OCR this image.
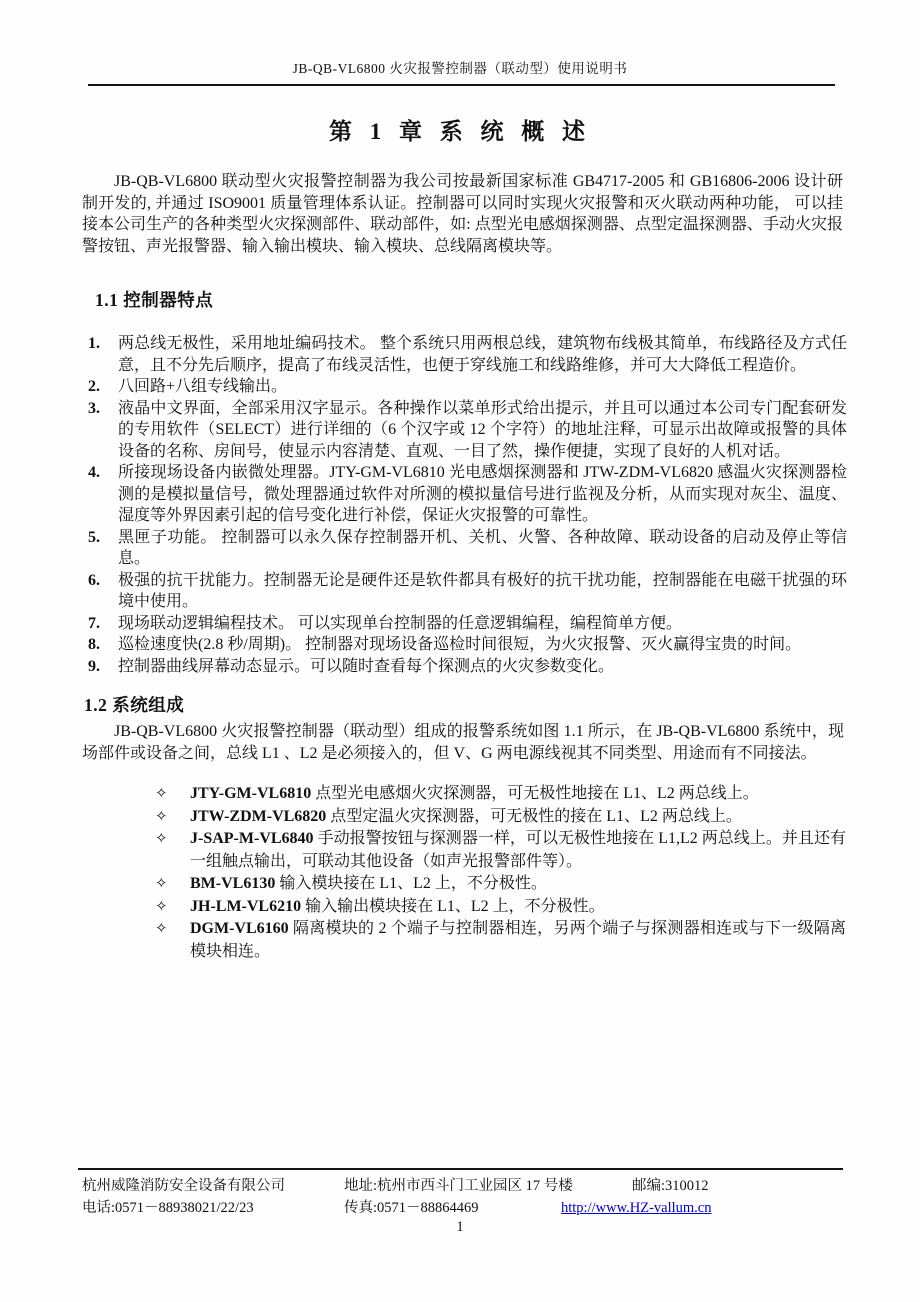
JB-QB-VL6800 火灾报警控制器（联动型）使用说明书
第 1 章 系 统 概 述

JB-QB-VL6800 联动型火灾报警控制器为我公司按最新国家标准 GB4717-2005 和 GB16806-2006 设计研制开发的, 并通过 ISO9001 质量管理体系认证。控制器可以同时实现火灾报警和灭火联动两种功能， 可以挂接本公司生产的各种类型火灾探测部件、联动部件，如: 点型光电感烟探测器、点型定温探测器、手动火灾报警按钮、声光报警器、输入输出模块、输入模块、总线隔离模块等。

1.1 控制器特点
1.	两总线无极性，采用地址编码技术。 整个系统只用两根总线，建筑物布线极其简单，布线路径及方式任意，且不分先后顺序，提高了布线灵活性，也便于穿线施工和线路维修，并可大大降低工程造价。
2.	八回路+八组专线输出。
3.	液晶中文界面，全部采用汉字显示。各种操作以菜单形式给出提示，并且可以通过本公司专门配套研发的专用软件（SELECT）进行详细的（6 个汉字或 12 个字符）的地址注释，可显示出故障或报警的具体设备的名称、房间号，使显示内容清楚、直观、一目了然，操作便捷，实现了良好的人机对话。
4.	所接现场设备内嵌微处理器。JTY-GM-VL6810 光电感烟探测器和 JTW-ZDM-VL6820 感温火灾探测器检测的是模拟量信号，微处理器通过软件对所测的模拟量信号进行监视及分析，从而实现对灰尘、温度、湿度等外界因素引起的信号变化进行补偿，保证火灾报警的可靠性。
5.	黑匣子功能。 控制器可以永久保存控制器开机、关机、火警、各种故障、联动设备的启动及停止等信息。
6.	极强的抗干扰能力。控制器无论是硬件还是软件都具有极好的抗干扰功能，控制器能在电磁干扰强的环境中使用。
7.	现场联动逻辑编程技术。 可以实现单台控制器的任意逻辑编程，编程简单方便。
8.	巡检速度快(2.8 秒/周期)。 控制器对现场设备巡检时间很短，为火灾报警、灭火赢得宝贵的时间。
9.	控制器曲线屏幕动态显示。可以随时查看每个探测点的火灾参数变化。
1.2 系统组成

JB-QB-VL6800 火灾报警控制器（联动型）组成的报警系统如图 1.1 所示，在 JB-QB-VL6800 系统中，现场部件或设备之间，总线 L1 、L2 是必须接入的，但 V、G 两电源线视其不同类型、用途而有不同接法。

✧	JTY-GM-VL6810 点型光电感烟火灾探测器，可无极性地接在 L1、L2 两总线上。
✧	JTW-ZDM-VL6820 点型定温火灾探测器，可无极性的接在 L1、L2 两总线上。
✧	J-SAP-M-VL6840 手动报警按钮与探测器一样，可以无极性地接在 L1,L2 两总线上。并且还有一组触点输出，可联动其他设备（如声光报警部件等）。
✧	BM-VL6130 输入模块接在 L1、L2 上，不分极性。
✧	JH-LM-VL6210 输入输出模块接在 L1、L2 上，不分极性。
✧	DGM-VL6160 隔离模块的 2 个端子与控制器相连，另两个端子与探测器相连或与下一级隔离模块相连。
杭州威隆消防安全设备有限公司	地址:杭州市西斗门工业园区 17 号楼	邮编:310012
电话:0571－88938021/22/23	传真:0571－88864469	http://www.HZ-vallum.cn
1
